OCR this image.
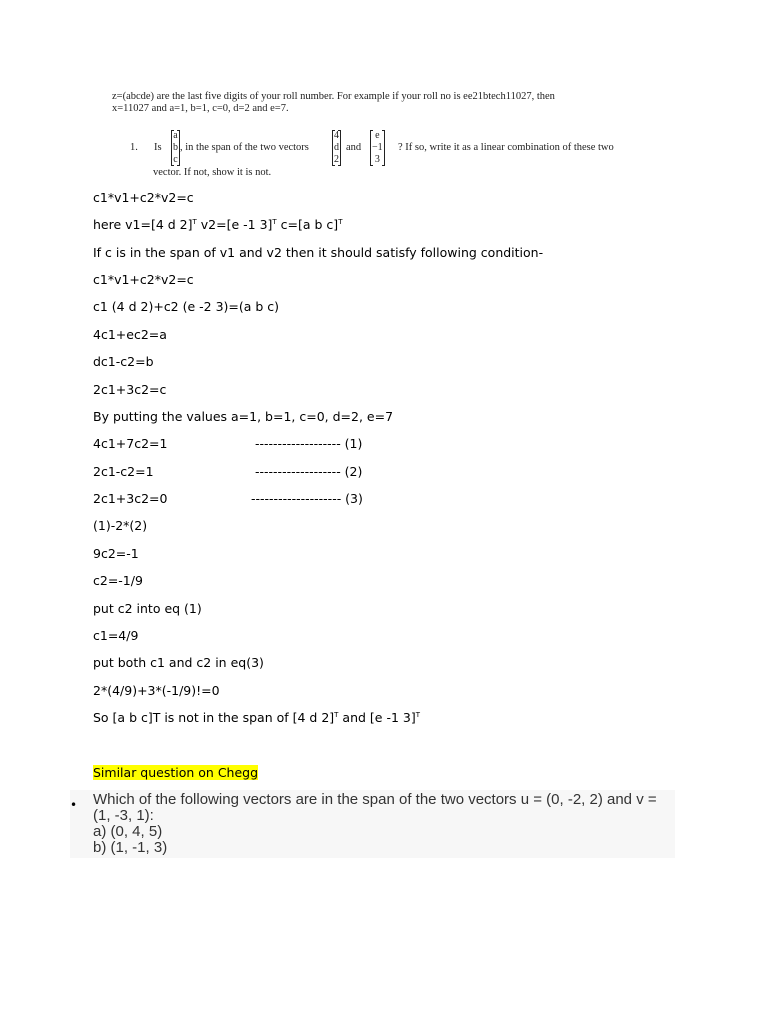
z=(abcde) are the last five digits of your roll number. For example if your roll no is ee21btech11027, then
x=11027 and a=1, b=1, c=0, d=2 and e=7.
1. Is
a
b
c
, in the span of the two vectors
4
d
2
and
e
−1
3
? If so, write it as a linear combination of these two
vector. If not, show it is not.
c1*v1+c2*v2=c
here v1=[4 d 2]$^T$ v2=[e -1 3]$^T$ c=[a b c]$^T$
If c is in the span of v1 and v2 then it should satisfy following condition-
c1*v1+c2*v2=c
c1 (4 d 2)+c2 (e -2 3)=(a b c)
4c1+ec2=a
dc1-c2=b
2c1+3c2=c
By putting the values a=1, b=1, c=0, d=2, e=7
4c1+7c2=1	------------------- (1)
2c1-c2=1	------------------- (2)
2c1+3c2=0	-------------------- (3)
(1)-2*(2)
9c2=-1
c2=-1/9
put c2 into eq (1)
c1=4/9
put both c1 and c2 in eq(3)
2*(4/9)+3*(-1/9)!=0
So [a b c]T is not in the span of [4 d 2]$^T$ and [e -1 3]$^T$
Similar question on Chegg
• Which of the following vectors are in the span of the two vectors u = (0, -2, 2) and v =
(1, -3, 1):
a) (0, 4, 5)
b) (1, -1, 3)
